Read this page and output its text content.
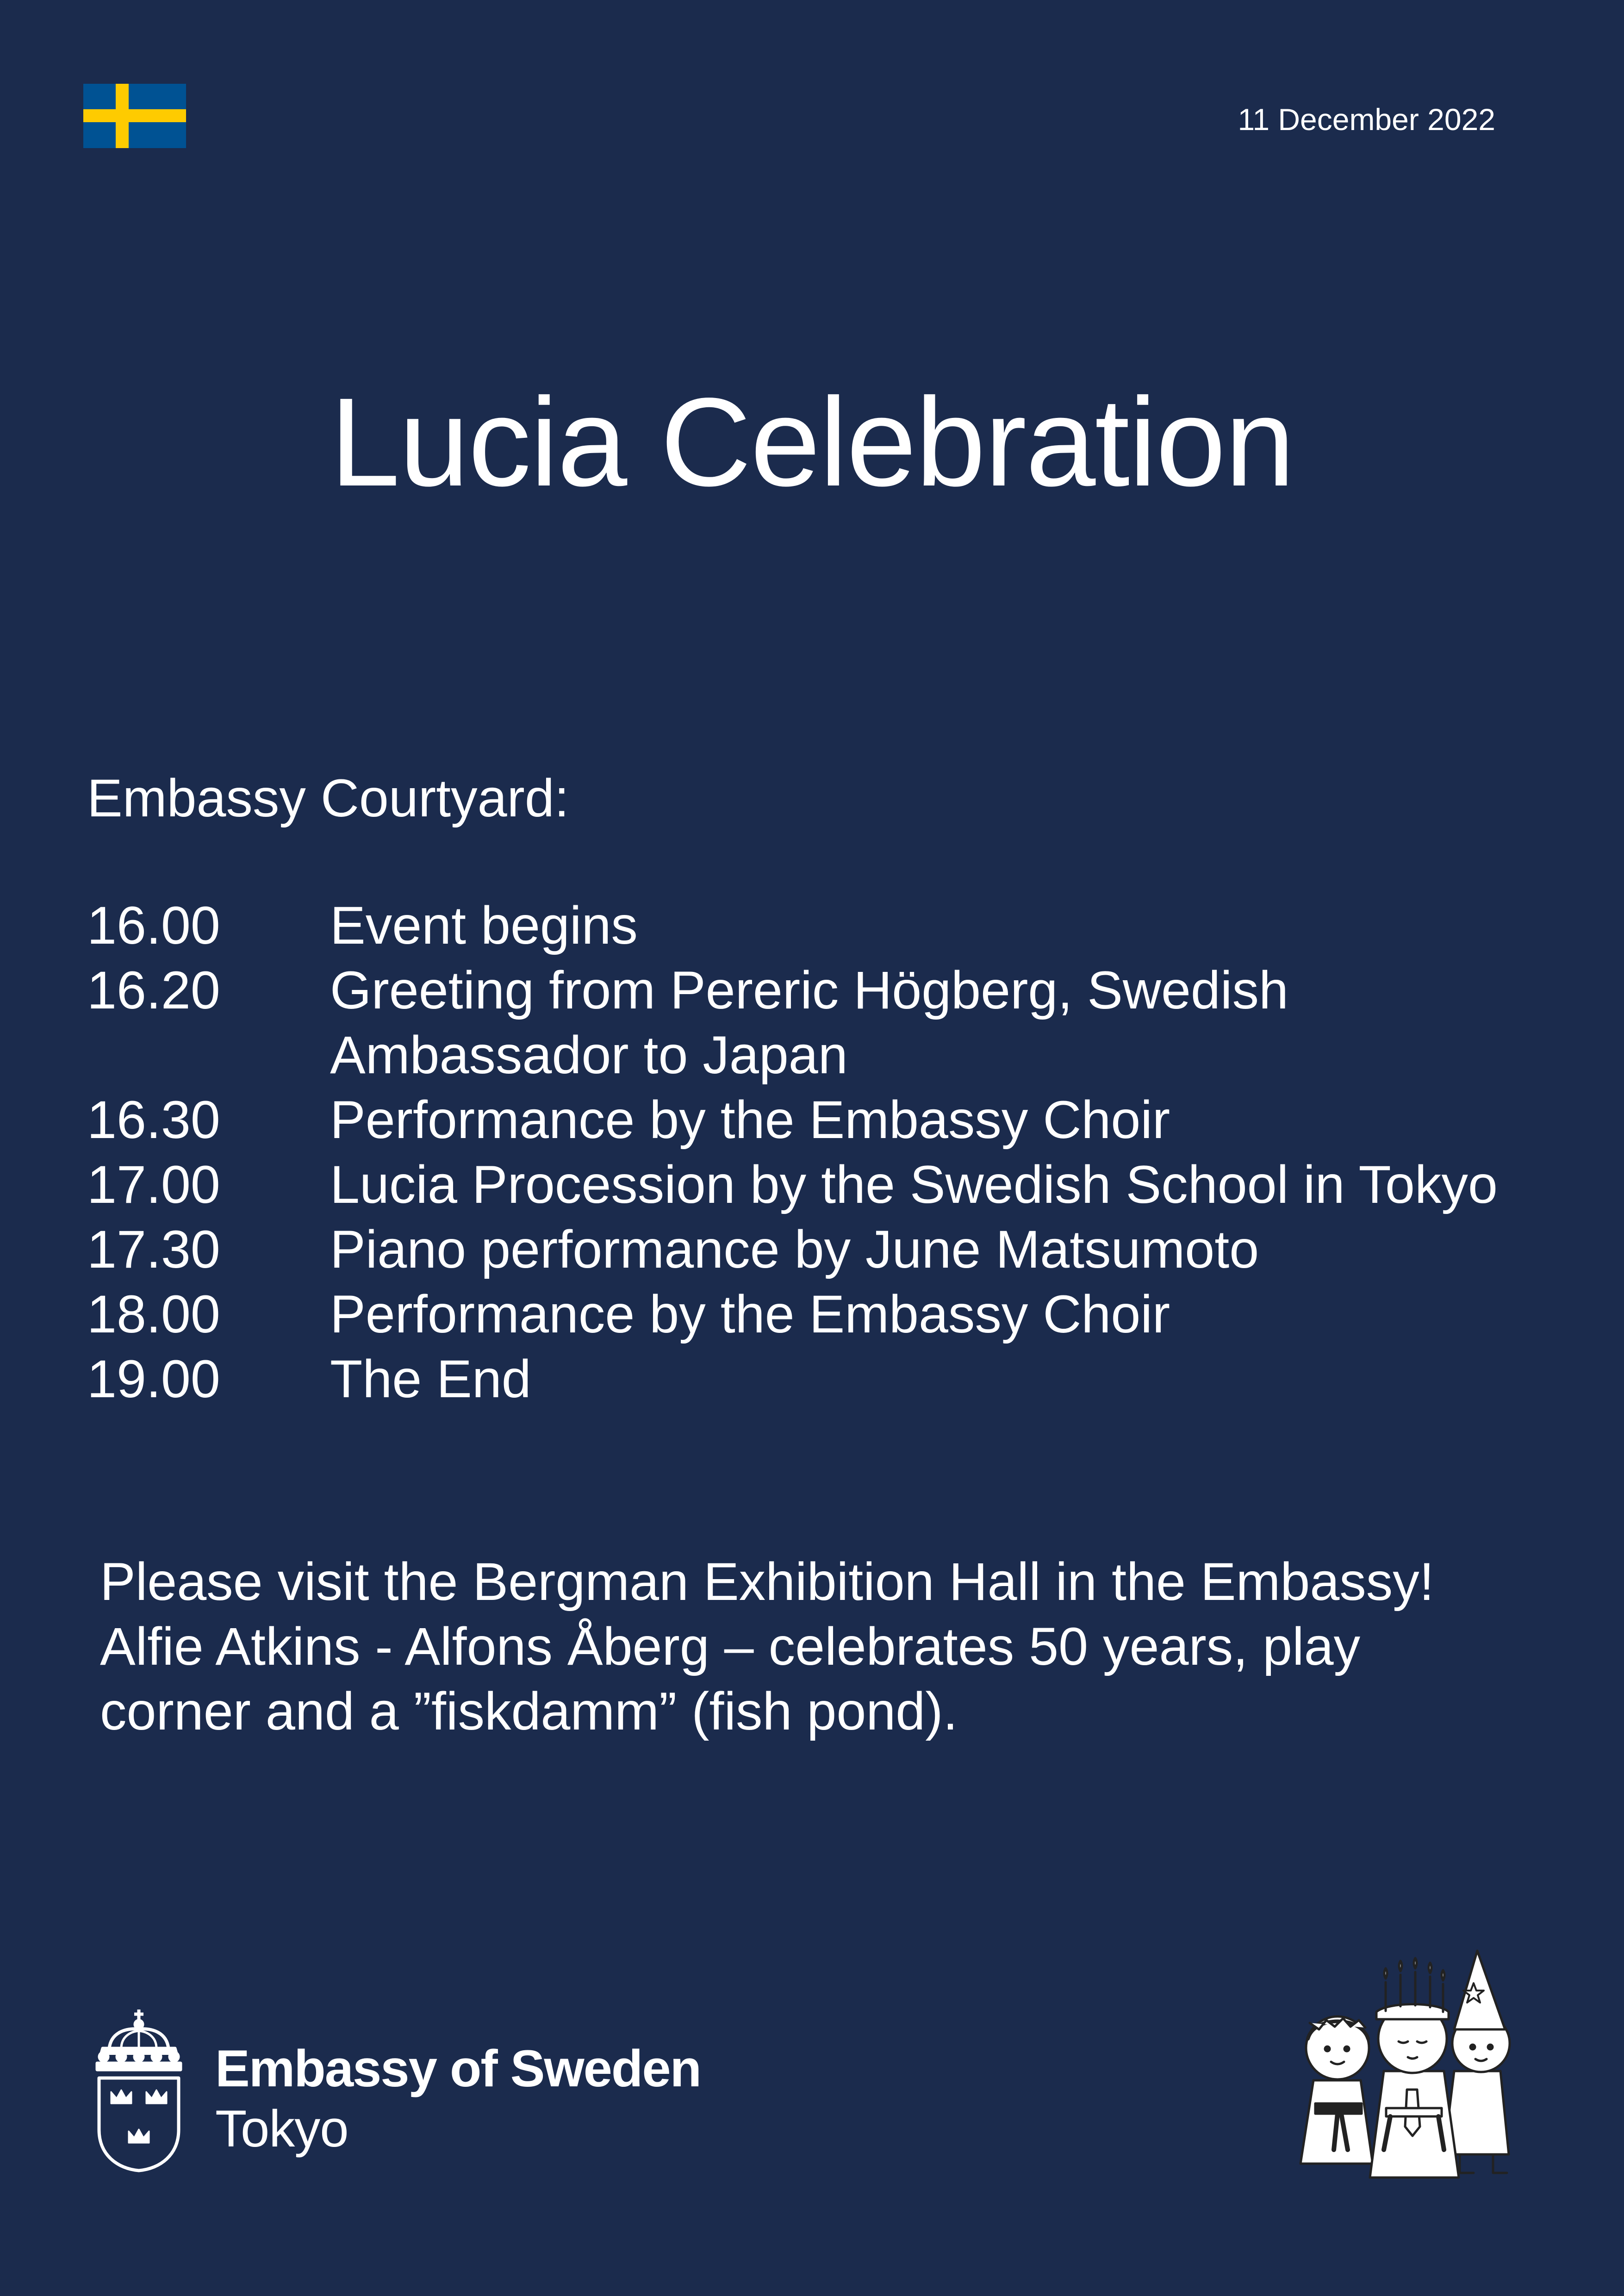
11 December 2022
Lucia Celebration
Embassy Courtyard:
16.00	Event begins
16.20	Greeting from Pereric Högberg, Swedish
Ambassador to Japan
16.30	Performance by the Embassy Choir
17.00	Lucia Procession by the Swedish School in Tokyo
17.30	Piano performance by June Matsumoto
18.00	Performance by the Embassy Choir
19.00	The End
Please visit the Bergman Exhibition Hall in the Embassy!
Alfie Atkins - Alfons Åberg – celebrates 50 years, play
corner and a ”fiskdamm” (fish pond).
Embassy of Sweden
Tokyo
